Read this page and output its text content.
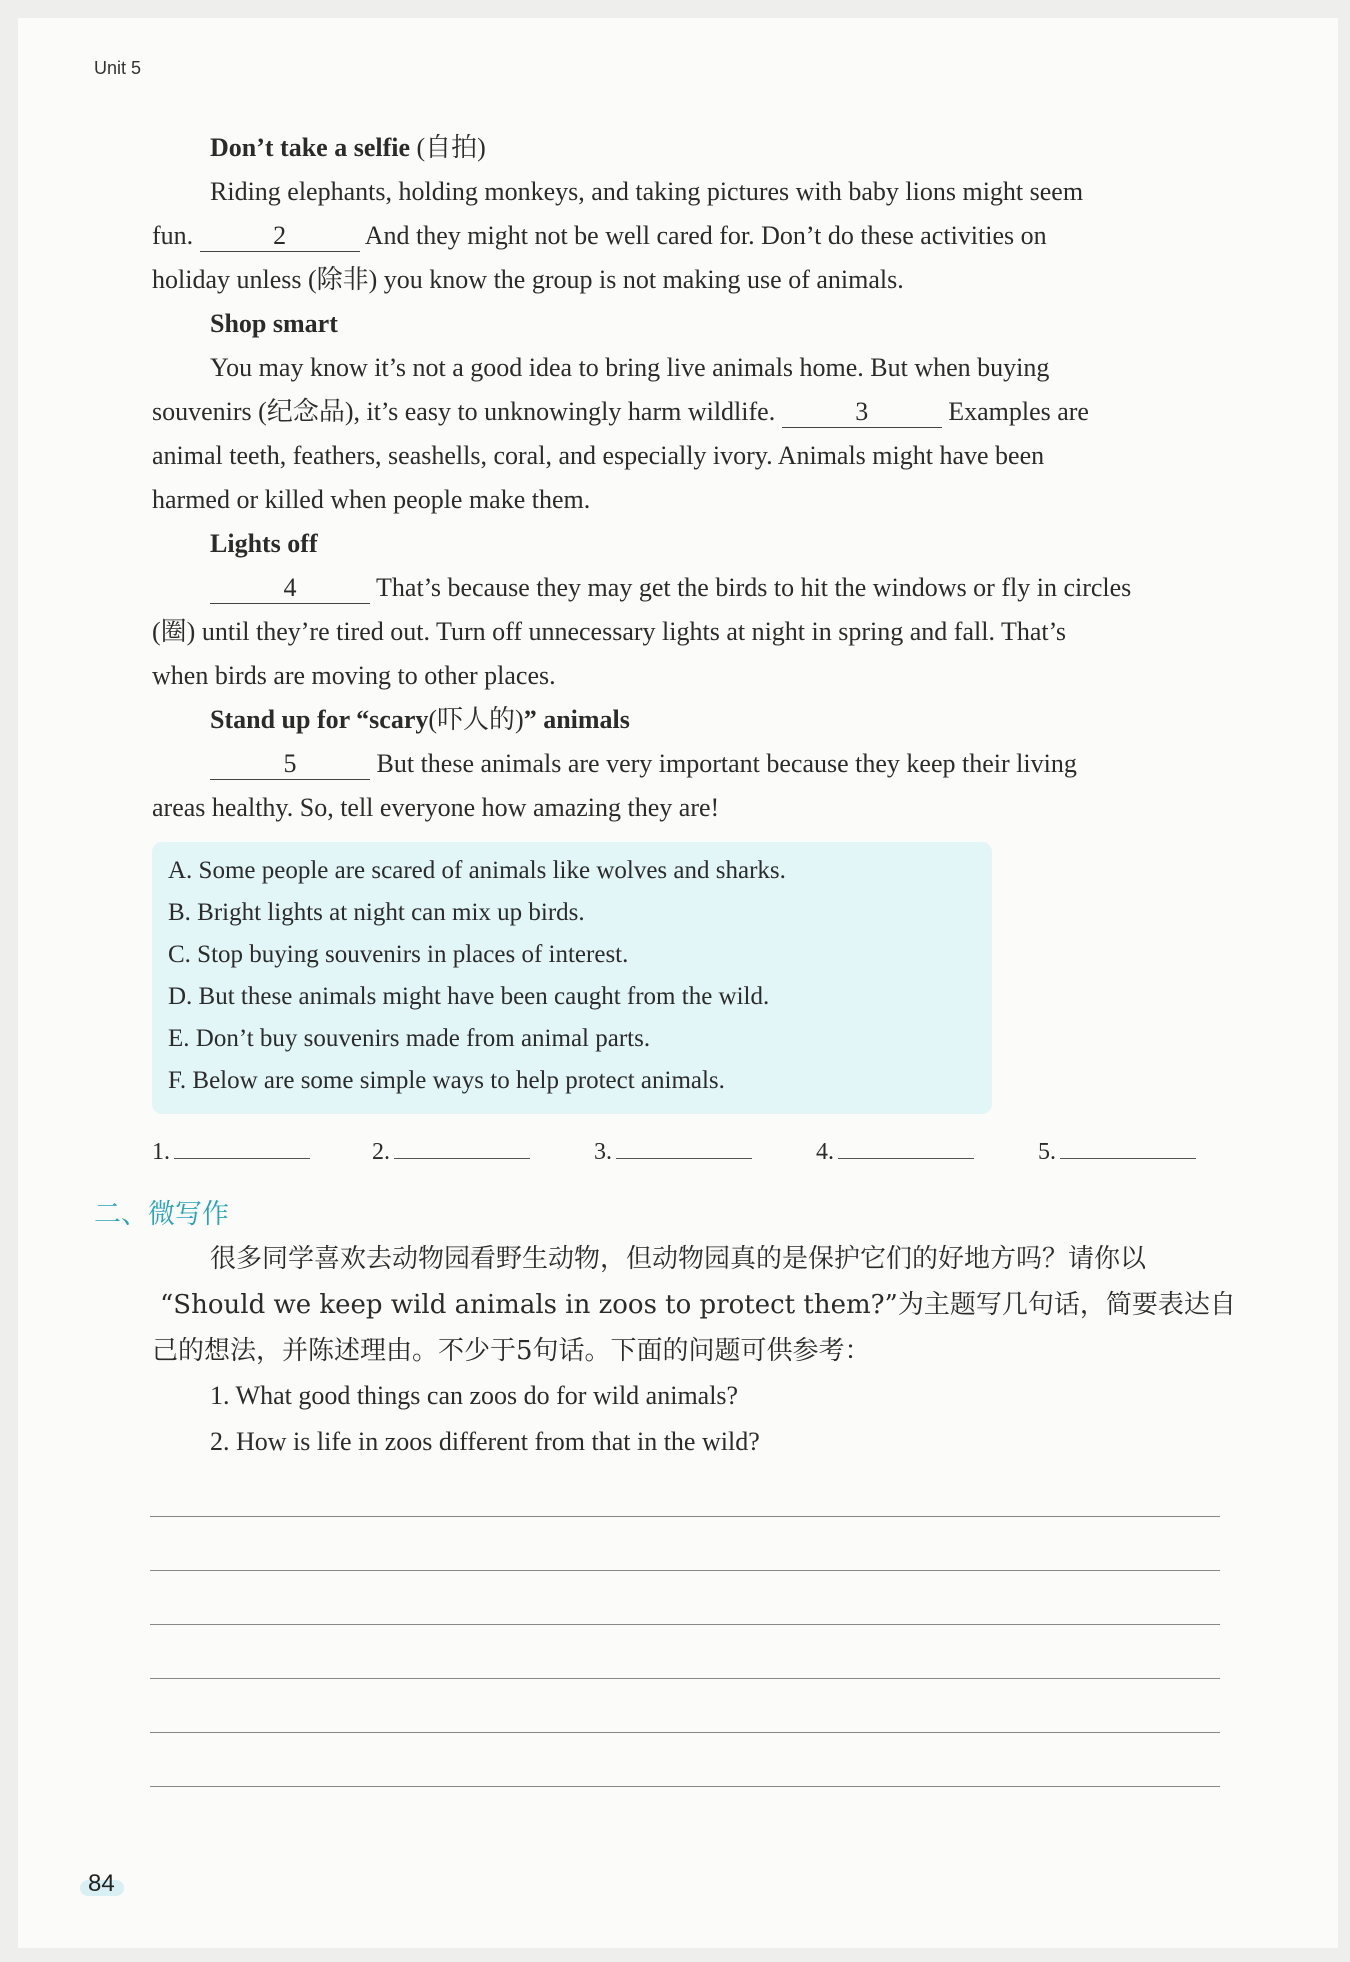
Unit 5
Don’t take a selfie (自拍)
Riding elephants, holding monkeys, and taking pictures with baby lions might seem
fun.	2	And they might not be well cared for. Don’t do these activities on
holiday unless (除非) you know the group is not making use of animals.
Shop smart
You may know it’s not a good idea to bring live animals home. But when buying
souvenirs (纪念品), it’s easy to unknowingly harm wildlife.	3	Examples are
animal teeth, feathers, seashells, coral, and especially ivory. Animals might have been
harmed or killed when people make them.
Lights off
4	That’s because they may get the birds to hit the windows or fly in circles
(圈) until they’re tired out. Turn off unnecessary lights at night in spring and fall. That’s
when birds are moving to other places.
Stand up for “scary(吓人的)” animals
5	But these animals are very important because they keep their living
areas healthy. So, tell everyone how amazing they are!
A. Some people are scared of animals like wolves and sharks.
B. Bright lights at night can mix up birds.
C. Stop buying souvenirs in places of interest.
D. But these animals might have been caught from the wild.
E. Don’t buy souvenirs made from animal parts.
F. Below are some simple ways to help protect animals.
1.	2.	3.	4.	5.
二、微写作
很多同学喜欢去动物园看野生动物，但动物园真的是保护它们的好地方吗？请你以
“Should we keep wild animals in zoos to protect them?”为主题写几句话，简要表达自
己的想法，并陈述理由。不少于5句话。下面的问题可供参考：
1. What good things can zoos do for wild animals?
2. How is life in zoos different from that in the wild?
84
